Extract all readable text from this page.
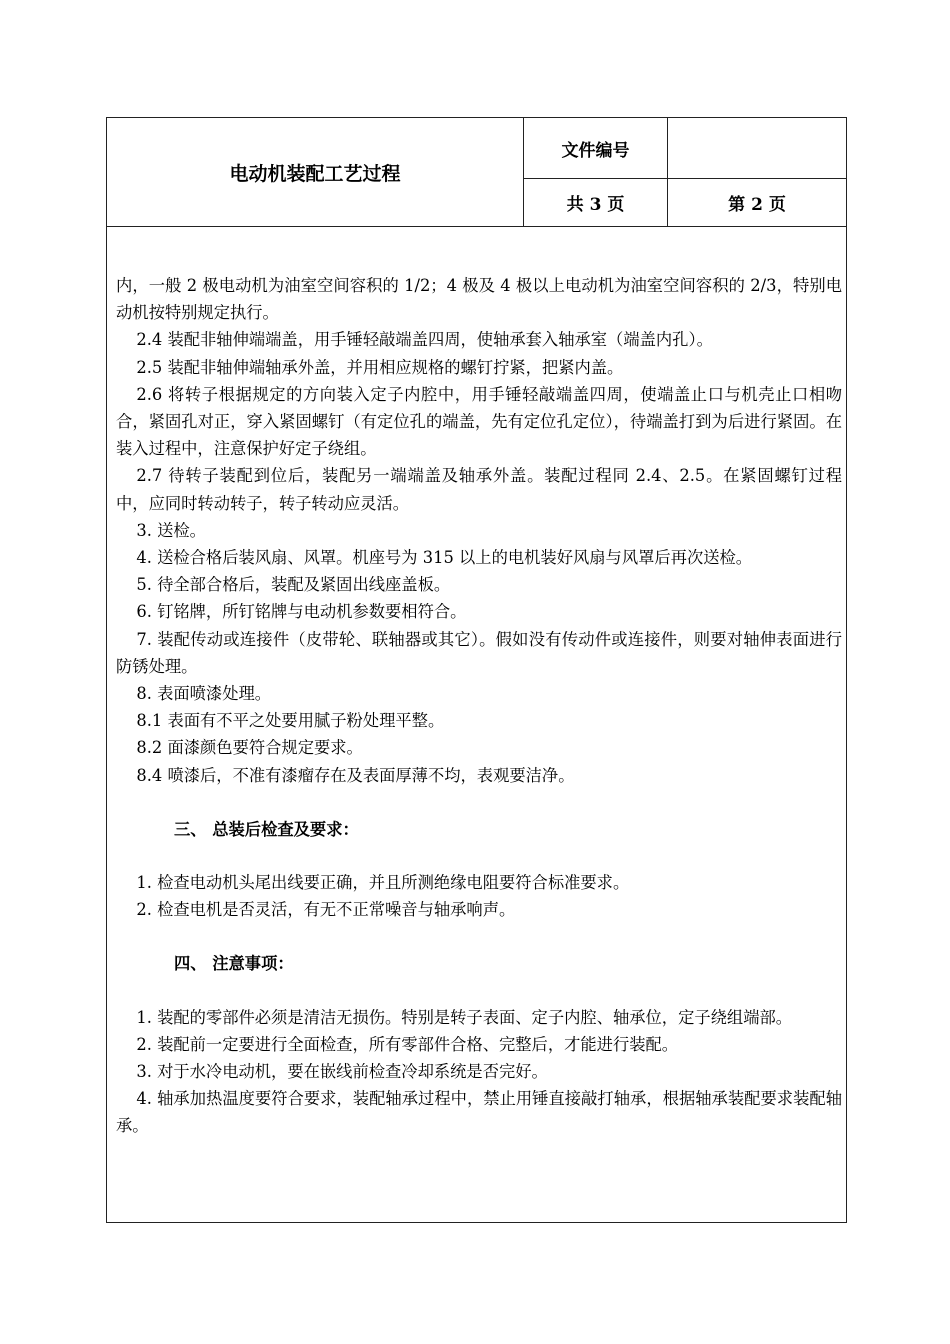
电动机装配工艺过程
文件编号
共 3 页	第 2 页

内，一般 2 极电动机为油室空间容积的 1/2；4 极及 4 极以上电动机为油室空间容积的 2/3，特别电动机按特别规定执行。

2.4 装配非轴伸端端盖，用手锤轻敲端盖四周，使轴承套入轴承室（端盖内孔）。

2.5 装配非轴伸端轴承外盖，并用相应规格的螺钉拧紧，把紧内盖。

2.6 将转子根据规定的方向装入定子内腔中，用手锤轻敲端盖四周，使端盖止口与机壳止口相吻合，紧固孔对正，穿入紧固螺钉（有定位孔的端盖，先有定位孔定位），待端盖打到为后进行紧固。在装入过程中，注意保护好定子绕组。

2.7 待转子装配到位后，装配另一端端盖及轴承外盖。装配过程同 2.4、2.5。在紧固螺钉过程中，应同时转动转子，转子转动应灵活。

3. 送检。

4. 送检合格后装风扇、风罩。机座号为 315 以上的电机装好风扇与风罩后再次送检。

5. 待全部合格后，装配及紧固出线座盖板。

6. 钉铭牌，所钉铭牌与电动机参数要相符合。

7. 装配传动或连接件（皮带轮、联轴器或其它）。假如没有传动件或连接件，则要对轴伸表面进行防锈处理。

8. 表面喷漆处理。

8.1 表面有不平之处要用腻子粉处理平整。

8.2 面漆颜色要符合规定要求。

8.4 喷漆后，不准有漆瘤存在及表面厚薄不均，表观要洁净。

三、 总装后检查及要求：

1. 检查电动机头尾出线要正确，并且所测绝缘电阻要符合标准要求。

2. 检查电机是否灵活，有无不正常噪音与轴承响声。

四、 注意事项：

1. 装配的零部件必须是清洁无损伤。特别是转子表面、定子内腔、轴承位，定子绕组端部。

2. 装配前一定要进行全面检查，所有零部件合格、完整后，才能进行装配。

3. 对于水冷电动机，要在嵌线前检查冷却系统是否完好。

4. 轴承加热温度要符合要求，装配轴承过程中，禁止用锤直接敲打轴承，根据轴承装配要求装配轴承。
